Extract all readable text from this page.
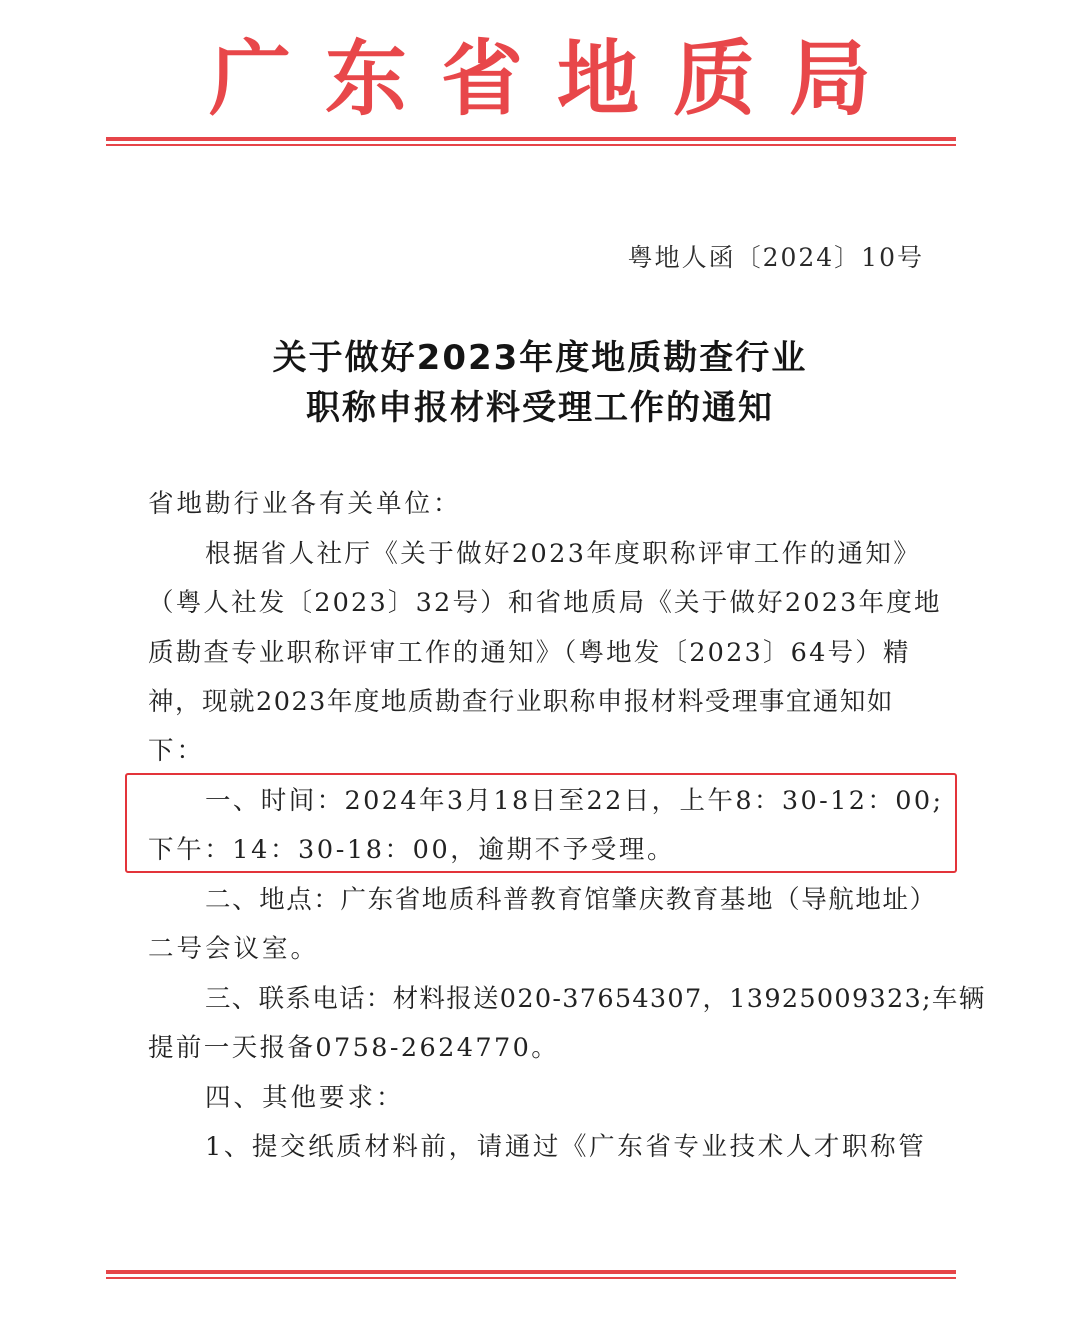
广东省地质局
粤地人函〔2024〕10号
关于做好2023年度地质勘查行业
职称申报材料受理工作的通知
省地勘行业各有关单位：
根据省人社厅《关于做好2023年度职称评审工作的通知》
（粤人社发〔2023〕32号）和省地质局《关于做好2023年度地
质勘查专业职称评审工作的通知》（粤地发〔2023〕64号）精
神，现就2023年度地质勘查行业职称申报材料受理事宜通知如
下：
一、时间：2024年3月18日至22日，上午8：30-12：00;
下午：14：30-18：00，逾期不予受理。
二、地点：广东省地质科普教育馆肇庆教育基地（导航地址）
二号会议室。
三、联系电话：材料报送020-37654307，13925009323;车辆
提前一天报备0758-2624770。
四、其他要求：
1、提交纸质材料前，请通过《广东省专业技术人才职称管
